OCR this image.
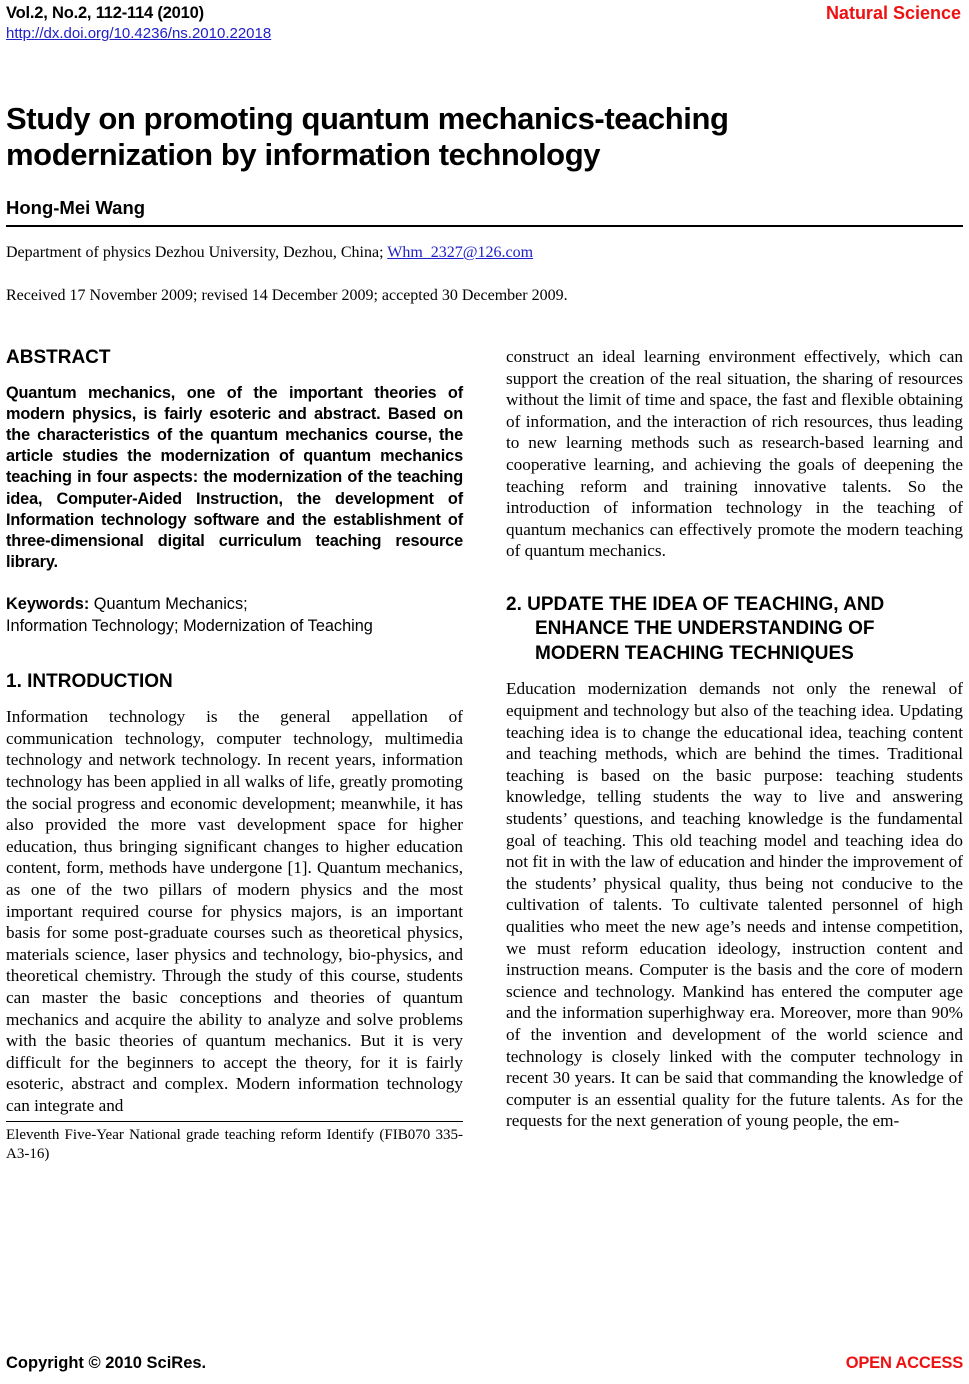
Vol.2, No.2, 112-114 (2010)
http://dx.doi.org/10.4236/ns.2010.22018
Natural Science
Study on promoting quantum mechanics-teaching modernization by information technology
Hong-Mei Wang
Department of physics Dezhou University, Dezhou, China; Whm_2327@126.com
Received 17 November 2009; revised 14 December 2009; accepted 30 December 2009.
ABSTRACT

Quantum mechanics, one of the important theories of modern physics, is fairly esoteric and abstract. Based on the characteristics of the quantum mechanics course, the article studies the modernization of quantum mechanics teaching in four aspects: the modernization of the teaching idea, Computer-Aided Instruction, the development of Information technology software and the establishment of three-dimensional digital curriculum teaching resource library.

Keywords: Quantum Mechanics;
Information Technology; Modernization of Teaching
1. INTRODUCTION

Information technology is the general appellation of communication technology, computer technology, multimedia technology and network technology. In recent years, information technology has been applied in all walks of life, greatly promoting the social progress and economic development; meanwhile, it has also provided the more vast development space for higher education, thus bringing significant changes to higher education content, form, methods have undergone [1]. Quantum mechanics, as one of the two pillars of modern physics and the most important required course for physics majors, is an important basis for some post-graduate courses such as theoretical physics, materials science, laser physics and technology, bio-physics, and theoretical chemistry. Through the study of this course, students can master the basic conceptions and theories of quantum mechanics and acquire the ability to analyze and solve problems with the basic theories of quantum mechanics. But it is very difficult for the beginners to accept the theory, for it is fairly esoteric, abstract and complex. Modern information technology can integrate and

Eleventh Five-Year National grade teaching reform Identify (FIB070 335-A3-16)

construct an ideal learning environment effectively, which can support the creation of the real situation, the sharing of resources without the limit of time and space, the fast and flexible obtaining of information, and the interaction of rich resources, thus leading to new learning methods such as research-based learning and cooperative learning, and achieving the goals of deepening the teaching reform and training innovative talents. So the introduction of information technology in the teaching of quantum mechanics can effectively promote the modern teaching of quantum mechanics.

2. UPDATE THE IDEA OF TEACHING, AND ENHANCE THE UNDERSTANDING OF MODERN TEACHING TECHNIQUES

Education modernization demands not only the renewal of equipment and technology but also of the teaching idea. Updating teaching idea is to change the educational idea, teaching content and teaching methods, which are behind the times. Traditional teaching is based on the basic purpose: teaching students knowledge, telling students the way to live and answering students’ questions, and teaching knowledge is the fundamental goal of teaching. This old teaching model and teaching idea do not fit in with the law of education and hinder the improvement of the students’ physical quality, thus being not conducive to the cultivation of talents. To cultivate talented personnel of high qualities who meet the new age’s needs and intense competition, we must reform education ideology, instruction content and instruction means. Computer is the basis and the core of modern science and technology. Mankind has entered the computer age and the information superhighway era. Moreover, more than 90% of the invention and development of the world science and technology is closely linked with the computer technology in recent 30 years. It can be said that commanding the knowledge of computer is an essential quality for the future talents. As for the requests for the next generation of young people, the em-

Copyright © 2010 SciRes.	OPEN ACCESS
